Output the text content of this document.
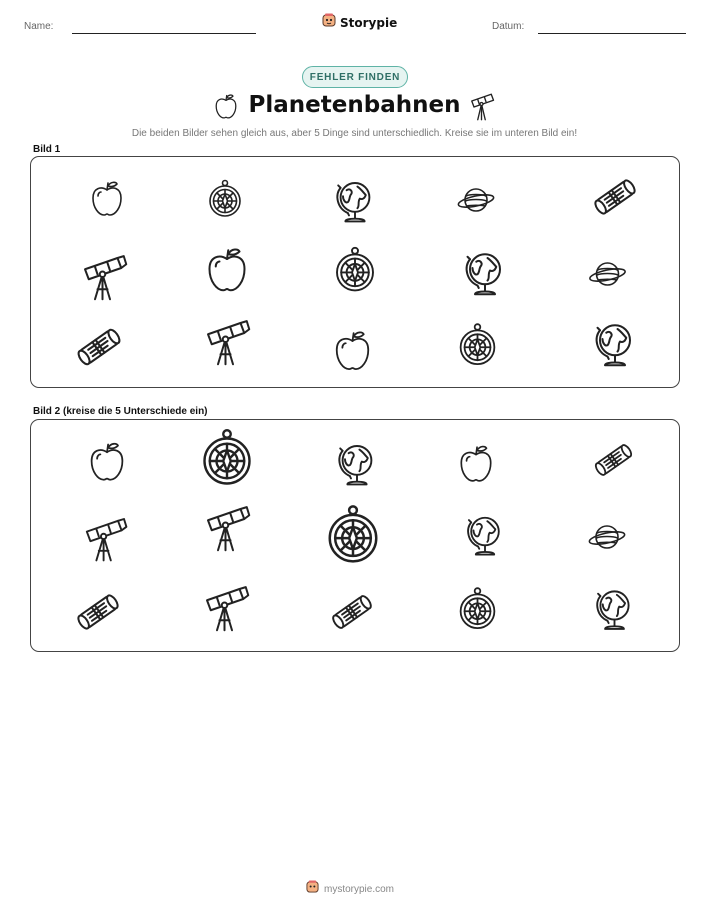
Name:	Storypie	Datum:
FEHLER FINDEN
Planetenbahnen
Die beiden Bilder sehen gleich aus, aber 5 Dinge sind unterschiedlich. Kreise sie im unteren Bild ein!
Bild 1
Bild 2 (kreise die 5 Unterschiede ein)
mystorypie.com
